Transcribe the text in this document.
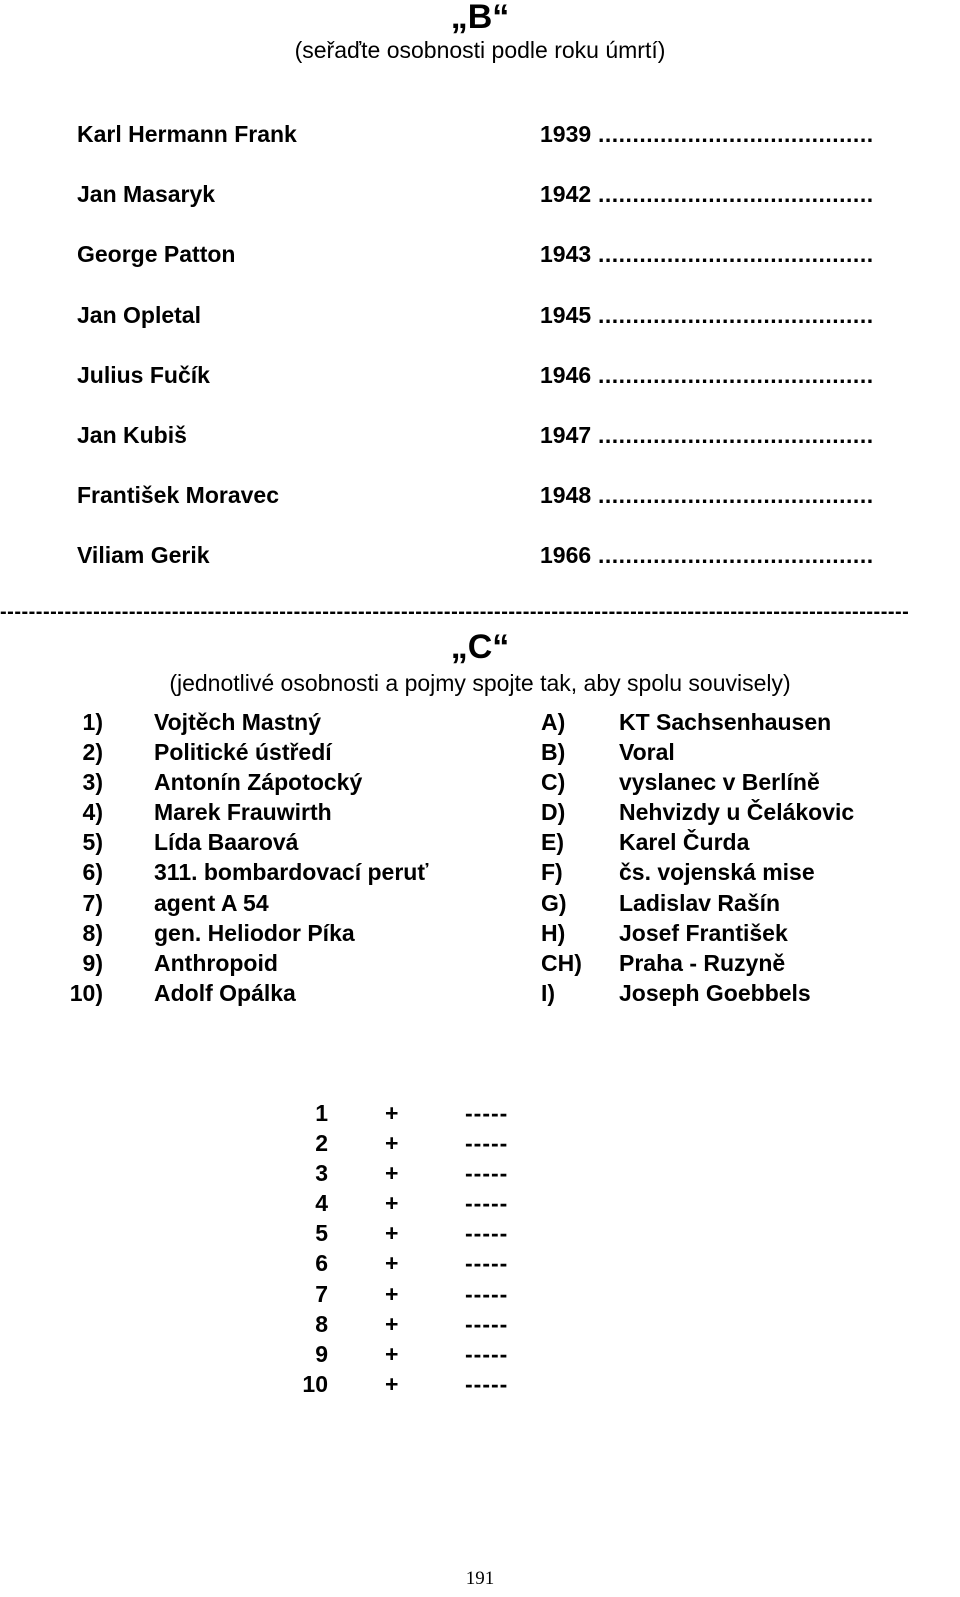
„B“
(seřaďte osobnosti podle roku úmrtí)
Karl Hermann Frank	1939 ........................................
Jan Masaryk	1942 ........................................
George Patton	1943 ........................................
Jan Opletal	1945 ........................................
Julius Fučík	1946 ........................................
Jan Kubiš	1947 ........................................
František Moravec	1948 ........................................
Viliam Gerik	1966 ........................................
-------------------------------------------------------------------------------------------------------------------------------
„C“
(jednotlivé osobnosti a pojmy spojte tak, aby spolu souvisely)
1) Vojtěch Mastný	A) KT Sachsenhausen
2) Politické ústředí	B) Voral
3) Antonín Zápotocký	C) vyslanec v Berlíně
4) Marek Frauwirth	D) Nehvizdy u Čelákovic
5) Lída Baarová	E) Karel Čurda
6) 311. bombardovací peruť	F) čs. vojenská mise
7) agent A 54	G) Ladislav Rašín
8) gen. Heliodor Píka	H) Josef František
9) Anthropoid	CH) Praha - Ruzyně
10) Adolf Opálka	I)	Joseph Goebbels
1 +	-----
2 +	-----
3 +	-----
4 +	-----
5 +	-----
6 +	-----
7 +	-----
8 +	-----
9 +	-----
10 +	-----
191
